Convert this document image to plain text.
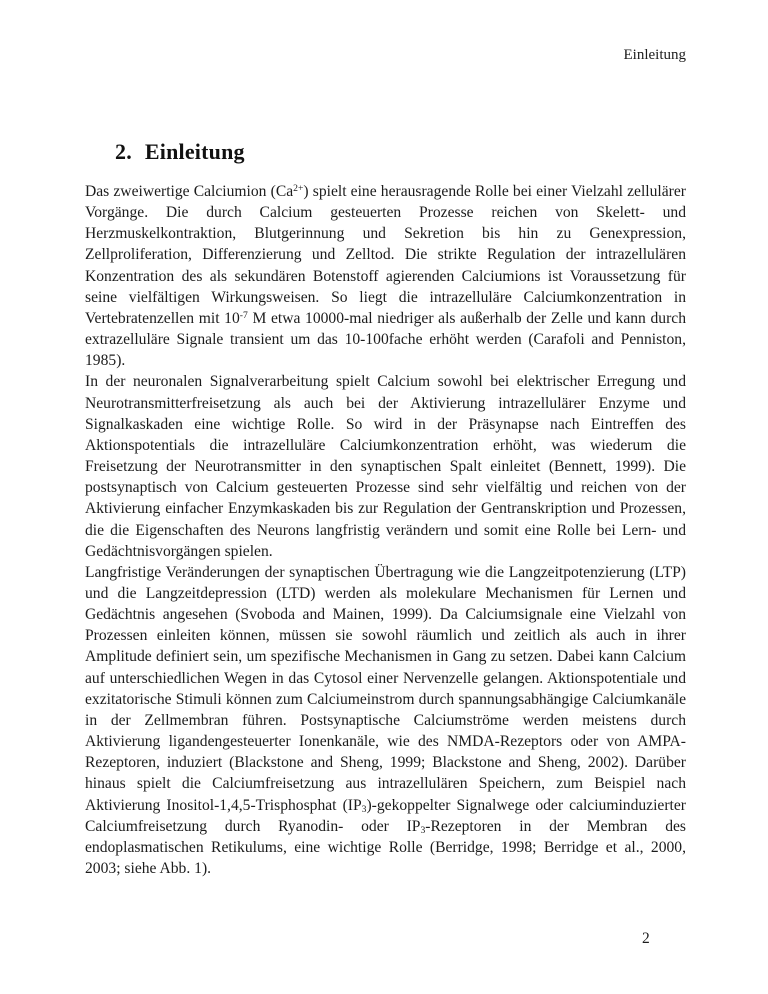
Einleitung
2. Einleitung

Das zweiwertige Calciumion $(Ca^{2+})$ spielt eine herausragende Rolle bei einer Vielzahl zellulärer Vorgänge. Die durch Calcium gesteuerten Prozesse reichen von Skelett- und Herzmuskelkontraktion, Blutgerinnung und Sekretion bis hin zu Genexpression, Zellproliferation, Differenzierung und Zelltod. Die strikte Regulation der intrazellulären Konzentration des als sekundären Botenstoff agierenden Calciumions ist Voraussetzung für seine vielfältigen Wirkungsweisen. So liegt die intrazelluläre Calciumkonzentration in Vertebratenzellen mit $10^{-7}$ M etwa 10000-mal niedriger als außerhalb der Zelle und kann durch extrazelluläre Signale transient um das 10-100fache erhöht werden (Carafoli and Penniston, 1985).

In der neuronalen Signalverarbeitung spielt Calcium sowohl bei elektrischer Erregung und Neurotransmitterfreisetzung als auch bei der Aktivierung intrazellulärer Enzyme und Signalkaskaden eine wichtige Rolle. So wird in der Präsynapse nach Eintreffen des Aktionspotentials die intrazelluläre Calciumkonzentration erhöht, was wiederum die Freisetzung der Neurotransmitter in den synaptischen Spalt einleitet (Bennett, 1999). Die postsynaptisch von Calcium gesteuerten Prozesse sind sehr vielfältig und reichen von der Aktivierung einfacher Enzymkaskaden bis zur Regulation der Gentranskription und Prozessen, die die Eigenschaften des Neurons langfristig verändern und somit eine Rolle bei Lern- und Gedächtnisvorgängen spielen.

Langfristige Veränderungen der synaptischen Übertragung wie die Langzeitpotenzierung (LTP) und die Langzeitdepression (LTD) werden als molekulare Mechanismen für Lernen und Gedächtnis angesehen (Svoboda and Mainen, 1999). Da Calciumsignale eine Vielzahl von Prozessen einleiten können, müssen sie sowohl räumlich und zeitlich als auch in ihrer Amplitude definiert sein, um spezifische Mechanismen in Gang zu setzen. Dabei kann Calcium auf unterschiedlichen Wegen in das Cytosol einer Nervenzelle gelangen. Aktionspotentiale und exzitatorische Stimuli können zum Calciumeinstrom durch spannungsabhängige Calciumkanäle in der Zellmembran führen. Postsynaptische Calciumströme werden meistens durch Aktivierung ligandengesteuerter Ionenkanäle, wie des NMDA-Rezeptors oder von AMPA-Rezeptoren, induziert (Blackstone and Sheng, 1999; Blackstone and Sheng, 2002). Darüber hinaus spielt die Calciumfreisetzung aus intrazellulären Speichern, zum Beispiel nach Aktivierung Inositol-1,4,5-Trisphosphat $(IP_3)$-gekoppelter Signalwege oder calciuminduzierter Calciumfreisetzung durch Ryanodin- oder $IP_3$-Rezeptoren in der Membran des endoplasmatischen Retikulums, eine wichtige Rolle (Berridge, 1998; Berridge et al., 2000, 2003; siehe Abb. 1).

2
